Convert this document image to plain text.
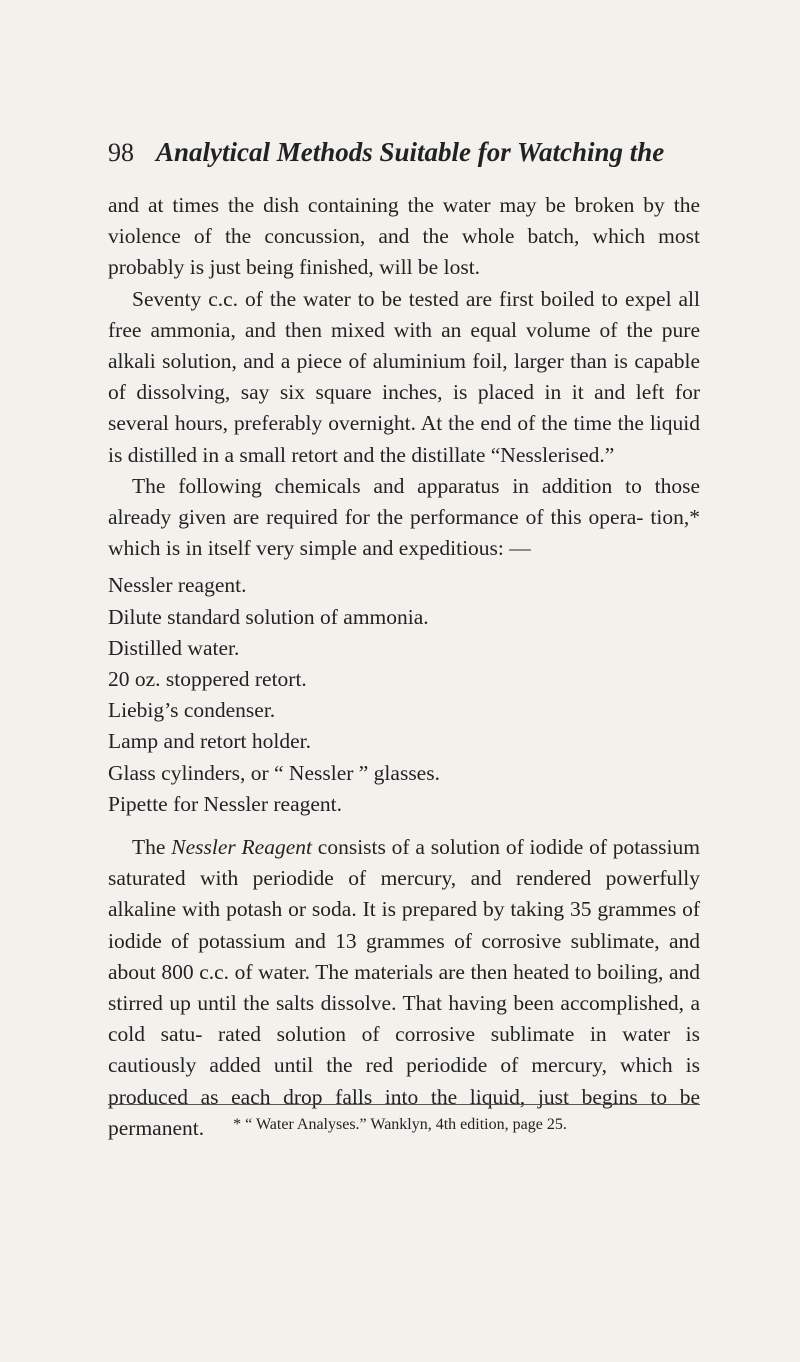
98 Analytical Methods Suitable for Watching the

and at times the dish containing the water may be broken by the violence of the concussion, and the whole batch, which most probably is just being finished, will be lost.

Seventy c.c. of the water to be tested are first boiled to expel all free ammonia, and then mixed with an equal volume of the pure alkali solution, and a piece of aluminium foil, larger than is capable of dissolving, say six square inches, is placed in it and left for several hours, preferably overnight. At the end of the time the liquid is distilled in a small retort and the distillate “Nesslerised.”

The following chemicals and apparatus in addition to those already given are required for the performance of this opera- tion,* which is in itself very simple and expeditious: —

Nessler reagent.
Dilute standard solution of ammonia.
Distilled water.
20 oz. stoppered retort.
Liebig’s condenser.
Lamp and retort holder.
Glass cylinders, or “ Nessler ” glasses.
Pipette for Nessler reagent.

The Nessler Reagent consists of a solution of iodide of potassium saturated with periodide of mercury, and rendered powerfully alkaline with potash or soda. It is prepared by taking 35 grammes of iodide of potassium and 13 grammes of corrosive sublimate, and about 800 c.c. of water. The materials are then heated to boiling, and stirred up until the salts dissolve. That having been accomplished, a cold satu- rated solution of corrosive sublimate in water is cautiously added until the red periodide of mercury, which is produced as each drop falls into the liquid, just begins to be permanent.	* “ Water Analyses.” Wanklyn, 4th edition, page 25.
